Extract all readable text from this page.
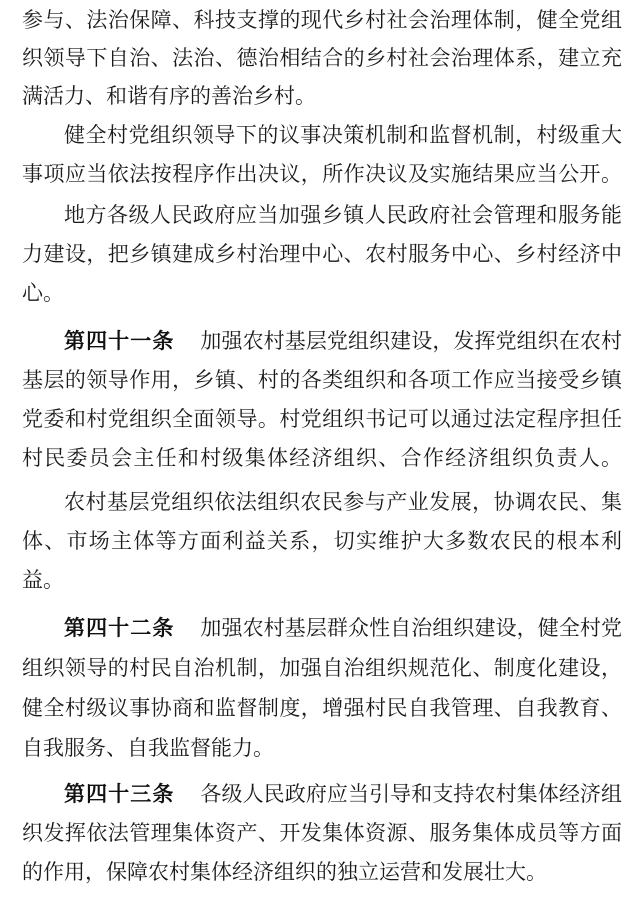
参与、法治保障、科技支撑的现代乡村社会治理体制，健全党组
织领导下自治、法治、德治相结合的乡村社会治理体系，建立充
满活力、和谐有序的善治乡村。
健全村党组织领导下的议事决策机制和监督机制，村级重大
事项应当依法按程序作出决议，所作决议及实施结果应当公开。
地方各级人民政府应当加强乡镇人民政府社会管理和服务能
力建设，把乡镇建成乡村治理中心、农村服务中心、乡村经济中
心。
第四十一条 加强农村基层党组织建设，发挥党组织在农村
基层的领导作用，乡镇、村的各类组织和各项工作应当接受乡镇
党委和村党组织全面领导。村党组织书记可以通过法定程序担任
村民委员会主任和村级集体经济组织、合作经济组织负责人。
农村基层党组织依法组织农民参与产业发展，协调农民、集
体、市场主体等方面利益关系，切实维护大多数农民的根本利
益。
第四十二条 加强农村基层群众性自治组织建设，健全村党
组织领导的村民自治机制，加强自治组织规范化、制度化建设，
健全村级议事协商和监督制度，增强村民自我管理、自我教育、
自我服务、自我监督能力。
第四十三条 各级人民政府应当引导和支持农村集体经济组
织发挥依法管理集体资产、开发集体资源、服务集体成员等方面
的作用，保障农村集体经济组织的独立运营和发展壮大。
